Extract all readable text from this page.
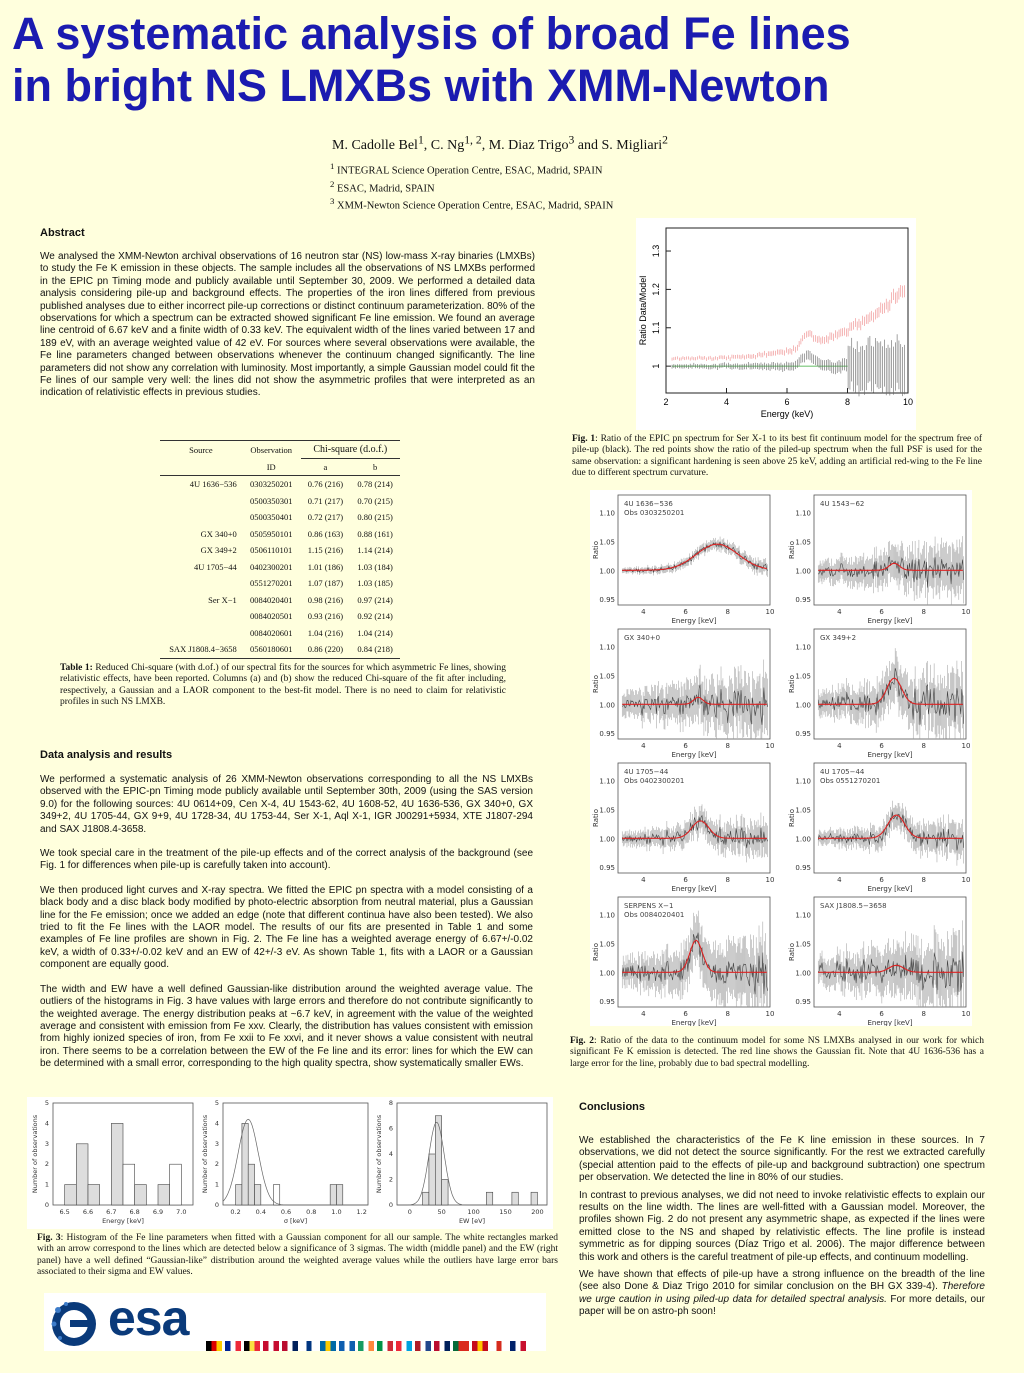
A systematic analysis of broad Fe lines
in bright NS LMXBs with XMM-Newton
M. Cadolle Bel$^1$, C. Ng$^{1, 2}$, M. Diaz Trigo$^3$ and S. Migliari$^2$
$^1$ INTEGRAL Science Operation Centre, ESAC, Madrid, SPAIN
$^2$ ESAC, Madrid, SPAIN
$^3$ XMM-Newton Science Operation Centre, ESAC, Madrid, SPAIN
Abstract

We analysed the XMM-Newton archival observations of 16 neutron star (NS) low-mass X-ray binaries (LMXBs) to study the Fe K emission in these objects. The sample includes all the observations of NS LMXBs performed in the EPIC pn Timing mode and publicly available until September 30, 2009. We performed a detailed data analysis considering pile-up and background effects. The properties of the iron lines differed from previous published analyses due to either incorrect pile-up corrections or distinct continuum parameterization. 80% of the observations for which a spectrum can be extracted showed significant Fe line emission. We found an average line centroid of 6.67 keV and a finite width of 0.33 keV. The equivalent width of the lines varied between 17 and 189 eV, with an average weighted value of 42 eV. For sources where several observations were available, the Fe line parameters changed between observations whenever the continuum changed significantly. The line parameters did not show any correlation with luminosity. Most importantly, a simple Gaussian model could fit the Fe lines of our sample very well: the lines did not show the asymmetric profiles that were interpreted as an indication of relativistic effects in previous studies.

Source	Observation	Chi-square (d.o.f.)	
	ID	a	b
4U 1636−536	0303250201	0.76 (216)	0.78 (214)
	0500350301	0.71 (217)	0.70 (215)
	0500350401	0.72 (217)	0.80 (215)
GX 340+0	0505950101	0.86 (163)	0.88 (161)
GX 349+2	0506110101	1.15 (216)	1.14 (214)
4U 1705−44	0402300201	1.01 (186)	1.03 (184)
	0551270201	1.07 (187)	1.03 (185)
Ser X−1	0084020401	0.98 (216)	0.97 (214)
	0084020501	0.93 (216)	0.92 (214)
	0084020601	1.04 (216)	1.04 (214)
SAX J1808.4−3658	0560180601	0.86 (220)	0.84 (218)

Table 1: Reduced Chi-square (with d.of.) of our spectral fits for the sources for which asymmetric Fe lines, showing relativistic effects, have been reported. Columns (a) and (b) show the reduced Chi-square of the fit after including, respectively, a Gaussian and a LAOR component to the best-fit model. There is no need to claim for relativistic profiles in such NS LMXB.

Data analysis and results

We performed a systematic analysis of 26 XMM-Newton observations corresponding to all the NS LMXBs observed with the EPIC-pn Timing mode publicly available until September 30th, 2009 (using the SAS version 9.0) for the following sources: 4U 0614+09, Cen X-4, 4U 1543-62, 4U 1608-52, 4U 1636-536, GX 340+0, GX 349+2, 4U 1705-44, GX 9+9, 4U 1728-34, 4U 1753-44, Ser X-1, Aql X-1, IGR J00291+5934, XTE J1807-294 and SAX J1808.4-3658.

We took special care in the treatment of the pile-up effects and of the correct analysis of the background (see Fig. 1 for differences when pile-up is carefully taken into account).

We then produced light curves and X-ray spectra. We fitted the EPIC pn spectra with a model consisting of a black body and a disc black body modified by photo-electric absorption from neutral material, plus a Gaussian line for the Fe emission; once we added an edge (note that different continua have also been tested). We also tried to fit the Fe lines with the LAOR model. The results of our fits are presented in Table 1 and some examples of Fe line profiles are shown in Fig. 2. The Fe line has a weighted average energy of 6.67+/-0.02 keV, a width of 0.33+/-0.02 keV and an EW of 42+/-3 eV. As shown Table 1, fits with a LAOR or a Gaussian component are equally good.

The width and EW have a well defined Gaussian-like distribution around the weighted average value. The outliers of the histograms in Fig. 3 have values with large errors and therefore do not contribute significantly to the weighted average. The energy distribution peaks at ~6.7 keV, in agreement with the value of the weighted average and consistent with emission from Fe xxv. Clearly, the distribution has values consistent with emission from highly ionized species of iron, from Fe xxii to Fe xxvi, and it never shows a value consistent with neutral iron. There seems to be a correlation between the EW of the Fe line and its error: lines for which the EW can be determined with a small error, corresponding to the high quality spectra, show systematically smaller EWs.

2	4	6	8	10
1
1.1
1.2
1.3
Energy (keV)
Ratio Data/Model

Fig. 1: Ratio of the EPIC pn spectrum for Ser X-1 to its best fit continuum model for the spectrum free of pile-up (black). The red points show the ratio of the piled-up spectrum when the full PSF is used for the same observation: a significant hardening is seen above 25 keV, adding an artificial red-wing to the Fe line due to different spectrum curvature.

0.95
1.00
1.05
1.10
4	6	8	10
Energy [keV]
Ratio
4U 1636−536
Obs 0303250201
0.95
1.00
1.05
1.10
4	6	8	10
Energy [keV]
Ratio
4U 1543−62
0.95
1.00
1.05
1.10
4	6	8	10
Energy [keV]
Ratio
GX 340+0
0.95
1.00
1.05
1.10
4	6	8	10
Energy [keV]
Ratio
GX 349+2
0.95
1.00
1.05
1.10
4	6	8	10
Energy [keV]
Ratio
4U 1705−44
Obs 0402300201
0.95
1.00
1.05
1.10
4	6	8	10
Energy [keV]
Ratio
4U 1705−44
Obs 0551270201
0.95
1.00
1.05
1.10
4	6	8	10
Energy [keV]
Ratio
SERPENS X−1
Obs 0084020401
0.95
1.00
1.05
1.10
4	6	8	10
Energy [keV]
Ratio
SAX J1808.5−3658

Fig. 2: Ratio of the data to the continuum model for some NS LMXBs analysed in our work for which significant Fe K emission is detected. The red line shows the Gaussian fit. Note that 4U 1636-536 has a large error for the line, probably due to bad spectral modelling.

6.5 6.6 6.7 6.8 6.9 7.0
0
1
2
3
4
5
Energy [keV]
Number of observations
0.2 0.4 0.6 0.8 1.0 1.2
0
1
2
3
4
5
σ [keV]
Number of observations
0	50	100	150	200
0
2
4
6
8
EW [eV]
Number of observations

Fig. 3: Histogram of the Fe line parameters when fitted with a Gaussian component for all our sample. The white rectangles marked with an arrow correspond to the lines which are detected below a significance of 3 sigmas. The width (middle panel) and the EW (right panel) have a well defined “Gaussian-like” distribution around the weighted average values while the outliers have large error bars associated to their sigma and EW values.

Conclusions

We established the characteristics of the Fe K line emission in these sources. In 7 observations, we did not detect the source significantly. For the rest we extracted carefully (special attention paid to the effects of pile-up and background subtraction) one spectrum per observation. We detected the line in 80% of our studies.

In contrast to previous analyses, we did not need to invoke relativistic effects to explain our results on the line width. The lines are well-fitted with a Gaussian model. Moreover, the profiles shown Fig. 2 do not present any asymmetric shape, as expected if the lines were emitted close to the NS and shaped by relativistic effects. The line profile is instead symmetric as for dipping sources (Díaz Trigo et al. 2006). The major difference between this work and others is the careful treatment of pile-up effects, and continuum modelling.

We have shown that effects of pile-up have a strong influence on the breadth of the line (see also Done & Diaz Trigo 2010 for similar conclusion on the BH GX 339-4). Therefore we urge caution in using piled-up data for detailed spectral analysis. For more details, our paper will be on astro-ph soon!

esa
